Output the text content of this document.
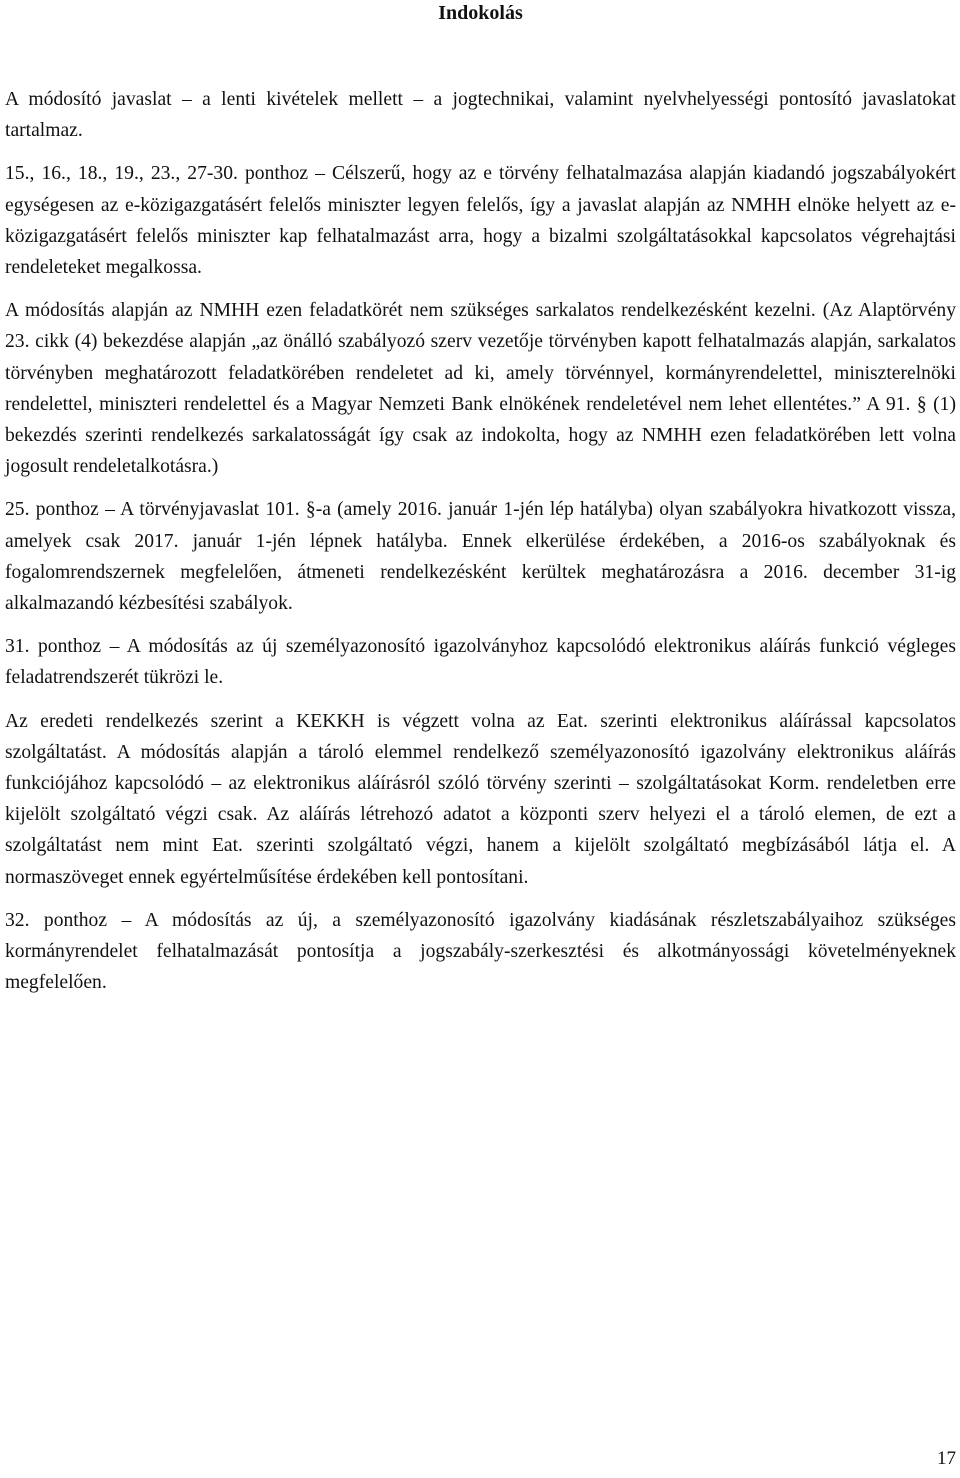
Indokolás

A módosító javaslat – a lenti kivételek mellett – a jogtechnikai, valamint nyelvhelyességi pontosító javaslatokat tartalmaz.

15., 16., 18., 19., 23., 27-30. ponthoz – Célszerű, hogy az e törvény felhatalmazása alapján kiadandó jogszabályokért egységesen az e-közigazgatásért felelős miniszter legyen felelős, így a javaslat alapján az NMHH elnöke helyett az e-közigazgatásért felelős miniszter kap felhatalmazást arra, hogy a bizalmi szolgáltatásokkal kapcsolatos végrehajtási rendeleteket megalkossa.

A módosítás alapján az NMHH ezen feladatkörét nem szükséges sarkalatos rendelkezésként kezelni. (Az Alaptörvény 23. cikk (4) bekezdése alapján „az önálló szabályozó szerv vezetője törvényben kapott felhatalmazás alapján, sarkalatos törvényben meghatározott feladatkörében rendeletet ad ki, amely törvénnyel, kormányrendelettel, miniszterelnöki rendelettel, miniszteri rendelettel és a Magyar Nemzeti Bank elnökének rendeletével nem lehet ellentétes.” A 91. § (1) bekezdés szerinti rendelkezés sarkalatosságát így csak az indokolta, hogy az NMHH ezen feladatkörében lett volna jogosult rendeletalkotásra.)

25. ponthoz – A törvényjavaslat 101. §-a (amely 2016. január 1-jén lép hatályba) olyan szabályokra hivatkozott vissza, amelyek csak 2017. január 1-jén lépnek hatályba. Ennek elkerülése érdekében, a 2016-os szabályoknak és fogalomrendszernek megfelelően, átmeneti rendelkezésként kerültek meghatározásra a 2016. december 31-ig alkalmazandó kézbesítési szabályok.

31. ponthoz – A módosítás az új személyazonosító igazolványhoz kapcsolódó elektronikus aláírás funkció végleges feladatrendszerét tükrözi le.

Az eredeti rendelkezés szerint a KEKKH is végzett volna az Eat. szerinti elektronikus aláírással kapcsolatos szolgáltatást. A módosítás alapján a tároló elemmel rendelkező személyazonosító igazolvány elektronikus aláírás funkciójához kapcsolódó – az elektronikus aláírásról szóló törvény szerinti – szolgáltatásokat Korm. rendeletben erre kijelölt szolgáltató végzi csak. Az aláírás létrehozó adatot a központi szerv helyezi el a tároló elemen, de ezt a szolgáltatást nem mint Eat. szerinti szolgáltató végzi, hanem a kijelölt szolgáltató megbízásából látja el. A normaszöveget ennek egyértelműsítése érdekében kell pontosítani.

32. ponthoz – A módosítás az új, a személyazonosító igazolvány kiadásának részletszabályaihoz szükséges kormányrendelet felhatalmazását pontosítja a jogszabály-szerkesztési és alkotmányossági követelményeknek megfelelően.

17
